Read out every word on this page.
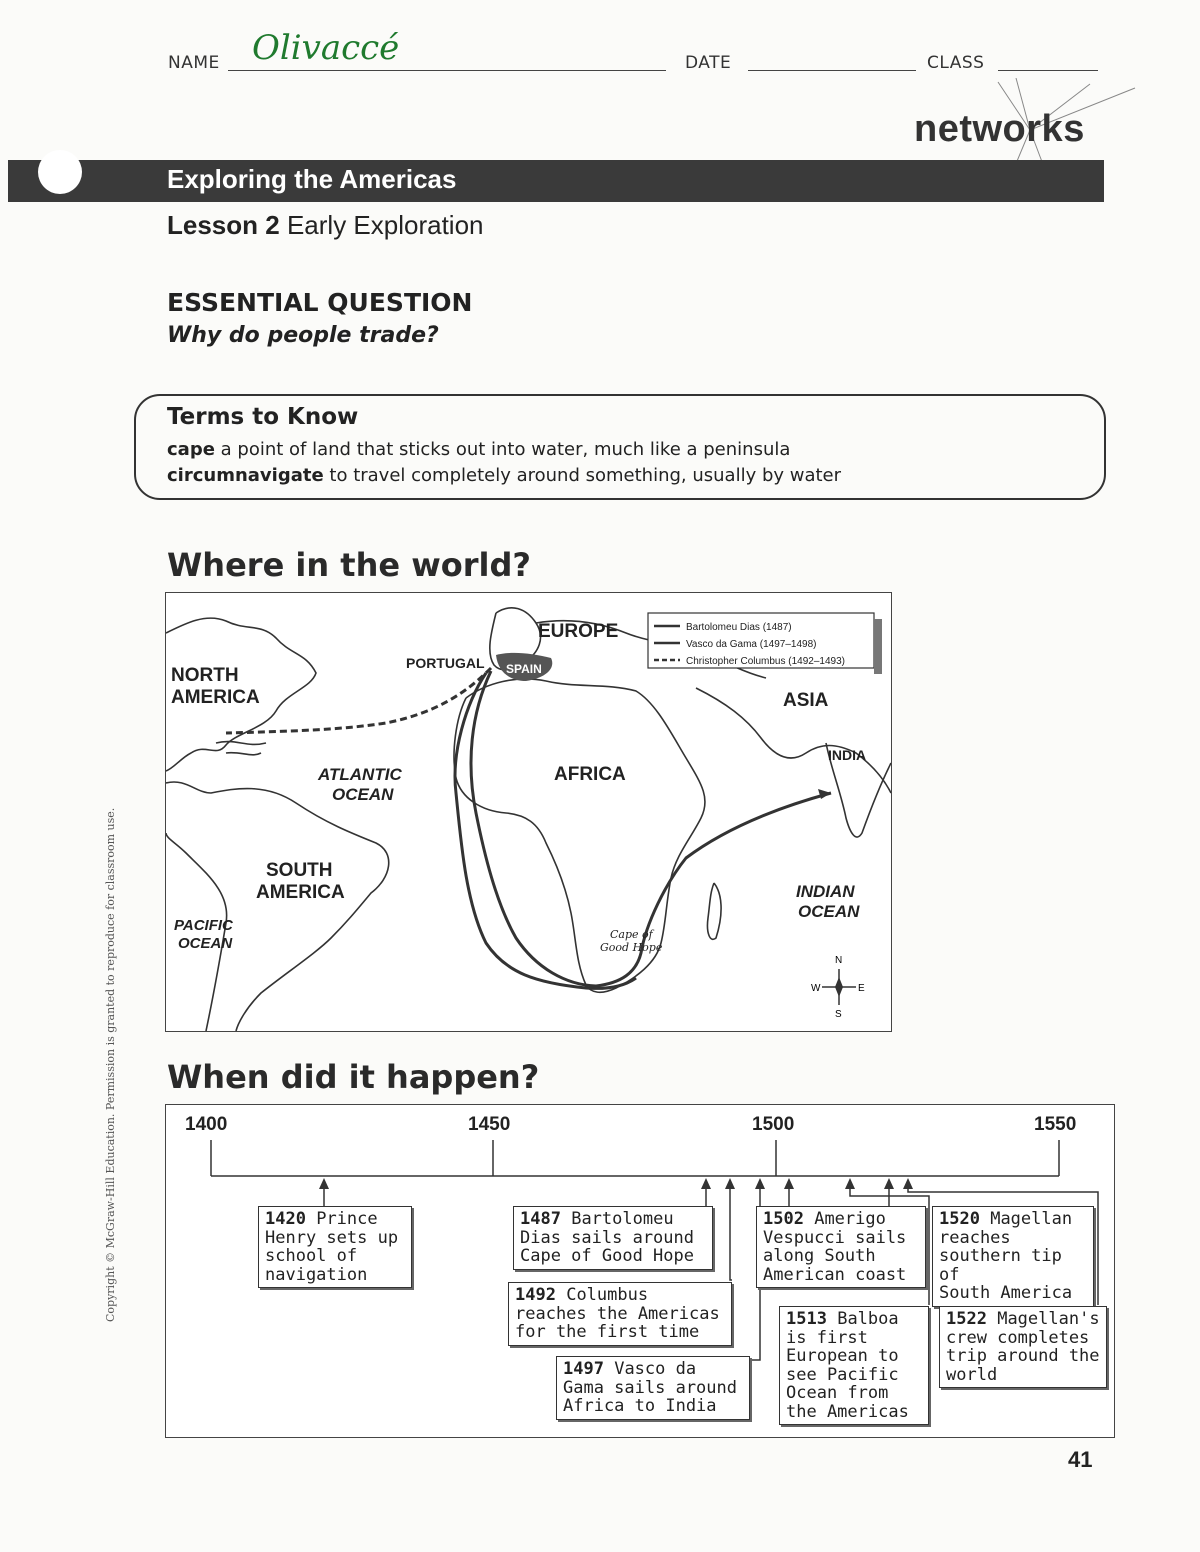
NAME Olivaccé	DATE	CLASS
networks
Exploring the Americas
Lesson 2 Early Exploration
ESSENTIAL QUESTION
Why do people trade?
Terms to Know
cape a point of land that sticks out into water, much like a peninsula
circumnavigate to travel completely around something, usually by water
Where in the world?
NORTH
AMERICA
EUROPE
ASIA
AFRICA
INDIA
PORTUGAL SPAIN
SOUTH
AMERICA
ATLANTIC
OCEAN
PACIFIC
OCEAN
INDIAN
OCEAN
Cape of
Good Hope
Bartolomeu Dias (1487)
Vasco da Gama (1497–1498)
Christopher Columbus (1492–1493)
N
S
E
W
When did it happen?
1400	1450	1500	1550
1420 Prince
Henry sets up
school of
navigation
1487 Bartolomeu
Dias sails around
Cape of Good Hope
1492 Columbus
reaches the Americas
for the first time
1497 Vasco da
Gama sails around
Africa to India
1502 Amerigo
Vespucci sails
along South
American coast
1513 Balboa
is first
European to
see Pacific
Ocean from
the Americas
1520 Magellan
reaches
southern tip of
South America
1522 Magellan's
crew completes
trip around the
world
41
Copyright © McGraw-Hill Education. Permission is granted to reproduce for classroom use.
